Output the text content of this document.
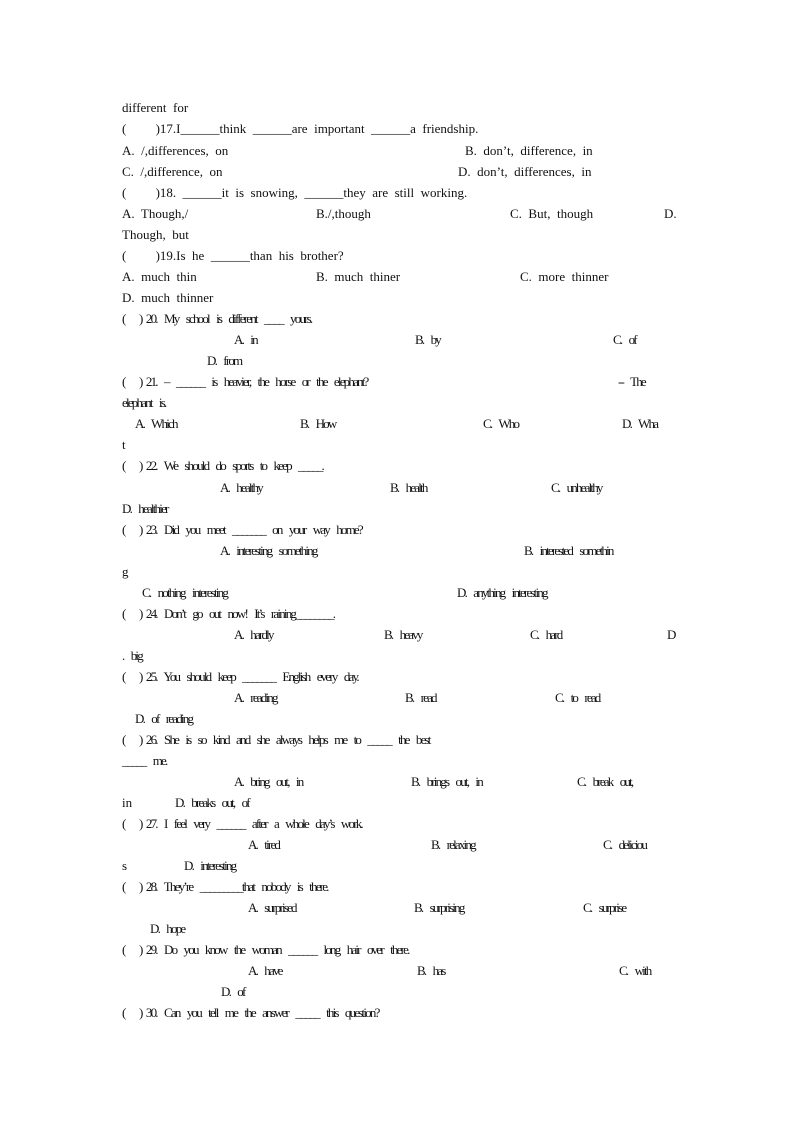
different  for
(         )17.I______think  ______are  important  ______a  friendship.
A.  /,differences,  on	B.  don’t,  difference,  in
C.  /,difference,  on	D.  don’t,  differences,  in
(         )18.  ______it  is  snowing,  ______they  are  still  working.
A.  Though,/	B./,though	C.  But,  though	D.
Though,  but
(         )19.Is  he  ______than  his  brother?
A.  much  thin	B.  much  thiner	C.  more  thinner
D.  much  thinner
(          )   20.     My     school     is     different     ____     yours.
A.     in	B.     by	C.     of
D.     from
(          )   21.     –     ______     is     heavier,     the     horse     or     the     elephant?	--     The
elephant     is.
A.     Which	B.     How	C.     Who	D.     Wha
t
(          )   22.     We     should     do     sports     to     keep     _____.
A.     healthy	B.     health	C.     unhealthy
D.     healthier
(          )   23.     Did     you     meet     _______     on     your     way     home?
A.     interesting     something	B.     interested     somethin
g
C.     nothing     interesting	D.     anything     interesting
(          )   24.     Don’t     go     out     now!     It’s     raining________.
A.     hardly	B.     heavy	C.     hard	D
.     big
(          )   25.     You     should     keep     _______     English     every     day.
A.     reading	B.     read	C.     to     read
D.     of     reading
(          )   26.     She     is     so     kind     and     she     always     helps     me     to     _____     the     best
_____     me.
A.     bring     out,     in	B.     brings     out,     in	C.     break     out,
in	D.     breaks     out,     of
(          )   27.     I     feel     very     ______     after     a     whole     day’s     work.
A.     tired	B.     relaxing	C.     deliciou
s	D.     interesting
(          )   28.     They’re     _________that     nobody     is     there.
A.     surprised	B.     surprising	C.     surprise
D.     hope
(          )   29.     Do     you     know     the     woman     ______     long     hair     over     there.
A.     have	B.     has	C.     with
D.     of
(          )   30.     Can     you     tell     me     the     answer     _____     this     question?
